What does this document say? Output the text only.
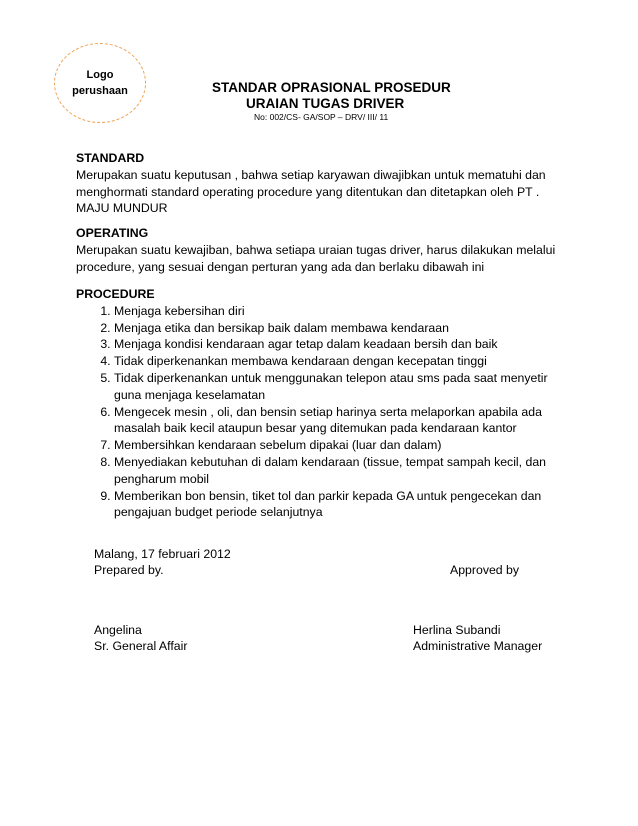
Logo
perushaan	STANDAR OPRASIONAL PROSEDUR
URAIAN TUGAS DRIVER
No: 002/CS- GA/SOP – DRV/ III/ 11
STANDARD
Merupakan suatu keputusan , bahwa setiap karyawan diwajibkan untuk mematuhi dan menghormati standard operating procedure yang ditentukan dan ditetapkan oleh PT . MAJU MUNDUR
OPERATING
Merupakan suatu kewajiban, bahwa setiapa uraian tugas driver, harus dilakukan melalui procedure, yang sesuai dengan perturan yang ada dan berlaku dibawah ini
PROCEDURE
1. Menjaga kebersihan diri
2. Menjaga etika dan bersikap baik dalam membawa kendaraan
3. Menjaga kondisi kendaraan agar tetap dalam keadaan bersih dan baik
4. Tidak diperkenankan membawa kendaraan dengan kecepatan tinggi
5. Tidak diperkenankan untuk menggunakan telepon atau sms pada saat menyetir guna menjaga keselamatan
6. Mengecek mesin , oli, dan bensin setiap harinya serta melaporkan apabila ada masalah baik kecil ataupun besar yang ditemukan pada kendaraan kantor
7. Membersihkan kendaraan sebelum dipakai (luar dan dalam)
8. Menyediakan kebutuhan di dalam kendaraan (tissue, tempat sampah kecil, dan pengharum mobil
9. Memberikan bon bensin, tiket tol dan parkir kepada GA untuk pengecekan dan pengajuan budget periode selanjutnya
Malang, 17 februari 2012
Prepared by.	Approved by
Angelina
Sr. General Affair
Herlina Subandi
Administrative Manager
